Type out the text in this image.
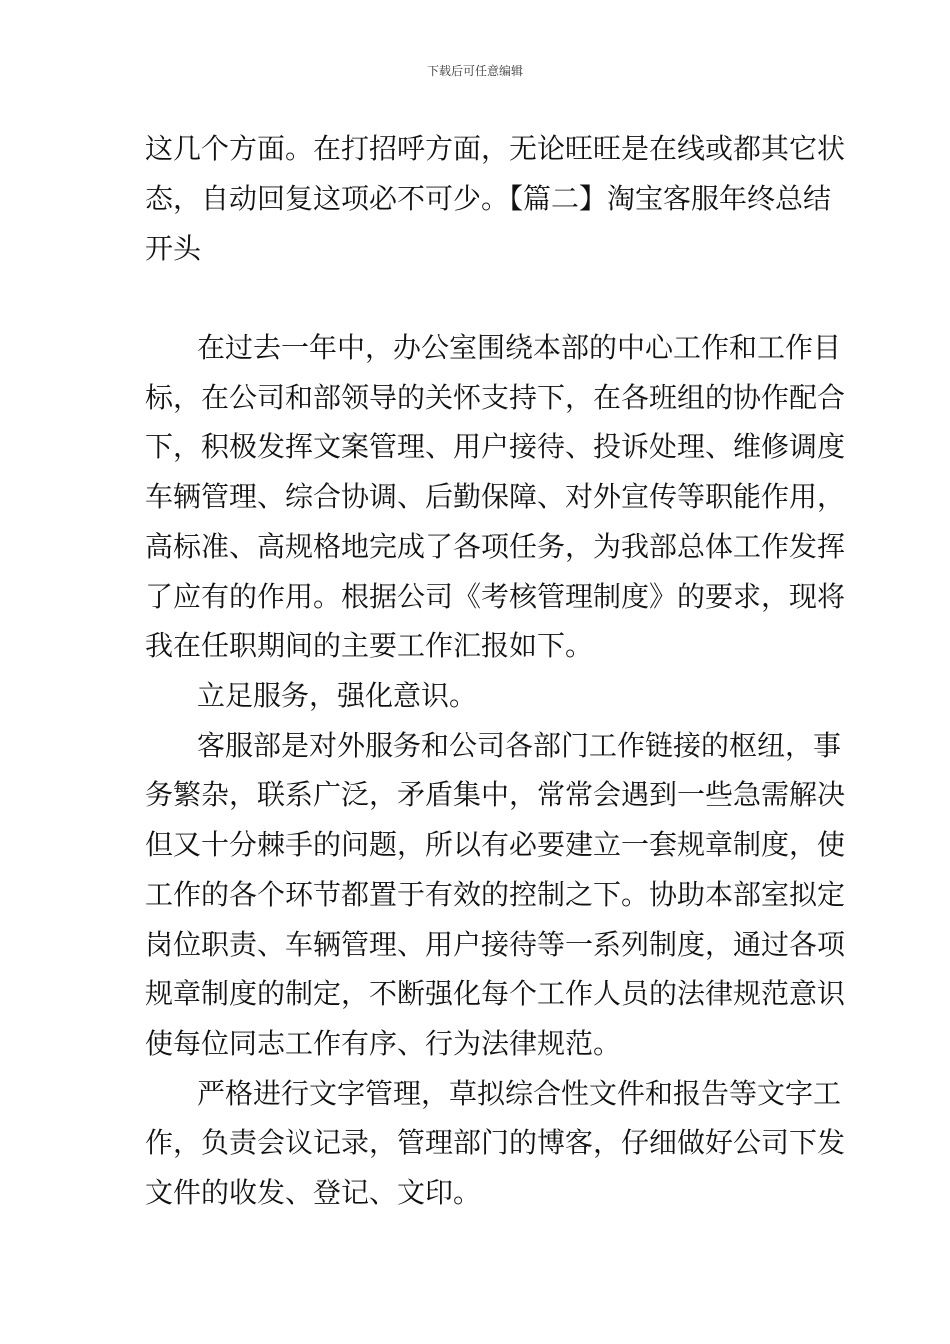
下载后可任意编辑
这几个方面。在打招呼方面，无论旺旺是在线或都其它状
态，自动回复这项必不可少。【篇二】淘宝客服年终总结
开头
在过去一年中，办公室围绕本部的中心工作和工作目
标，在公司和部领导的关怀支持下，在各班组的协作配合
下，积极发挥文案管理、用户接待、投诉处理、维修调度
车辆管理、综合协调、后勤保障、对外宣传等职能作用，
高标准、高规格地完成了各项任务，为我部总体工作发挥
了应有的作用。根据公司《考核管理制度》的要求，现将
我在任职期间的主要工作汇报如下。
立足服务，强化意识。
客服部是对外服务和公司各部门工作链接的枢纽，事
务繁杂，联系广泛，矛盾集中，常常会遇到一些急需解决
但又十分棘手的问题，所以有必要建立一套规章制度，使
工作的各个环节都置于有效的控制之下。协助本部室拟定
岗位职责、车辆管理、用户接待等一系列制度，通过各项
规章制度的制定，不断强化每个工作人员的法律规范意识
使每位同志工作有序、行为法律规范。
严格进行文字管理，草拟综合性文件和报告等文字工
作，负责会议记录，管理部门的博客，仔细做好公司下发
文件的收发、登记、文印。
